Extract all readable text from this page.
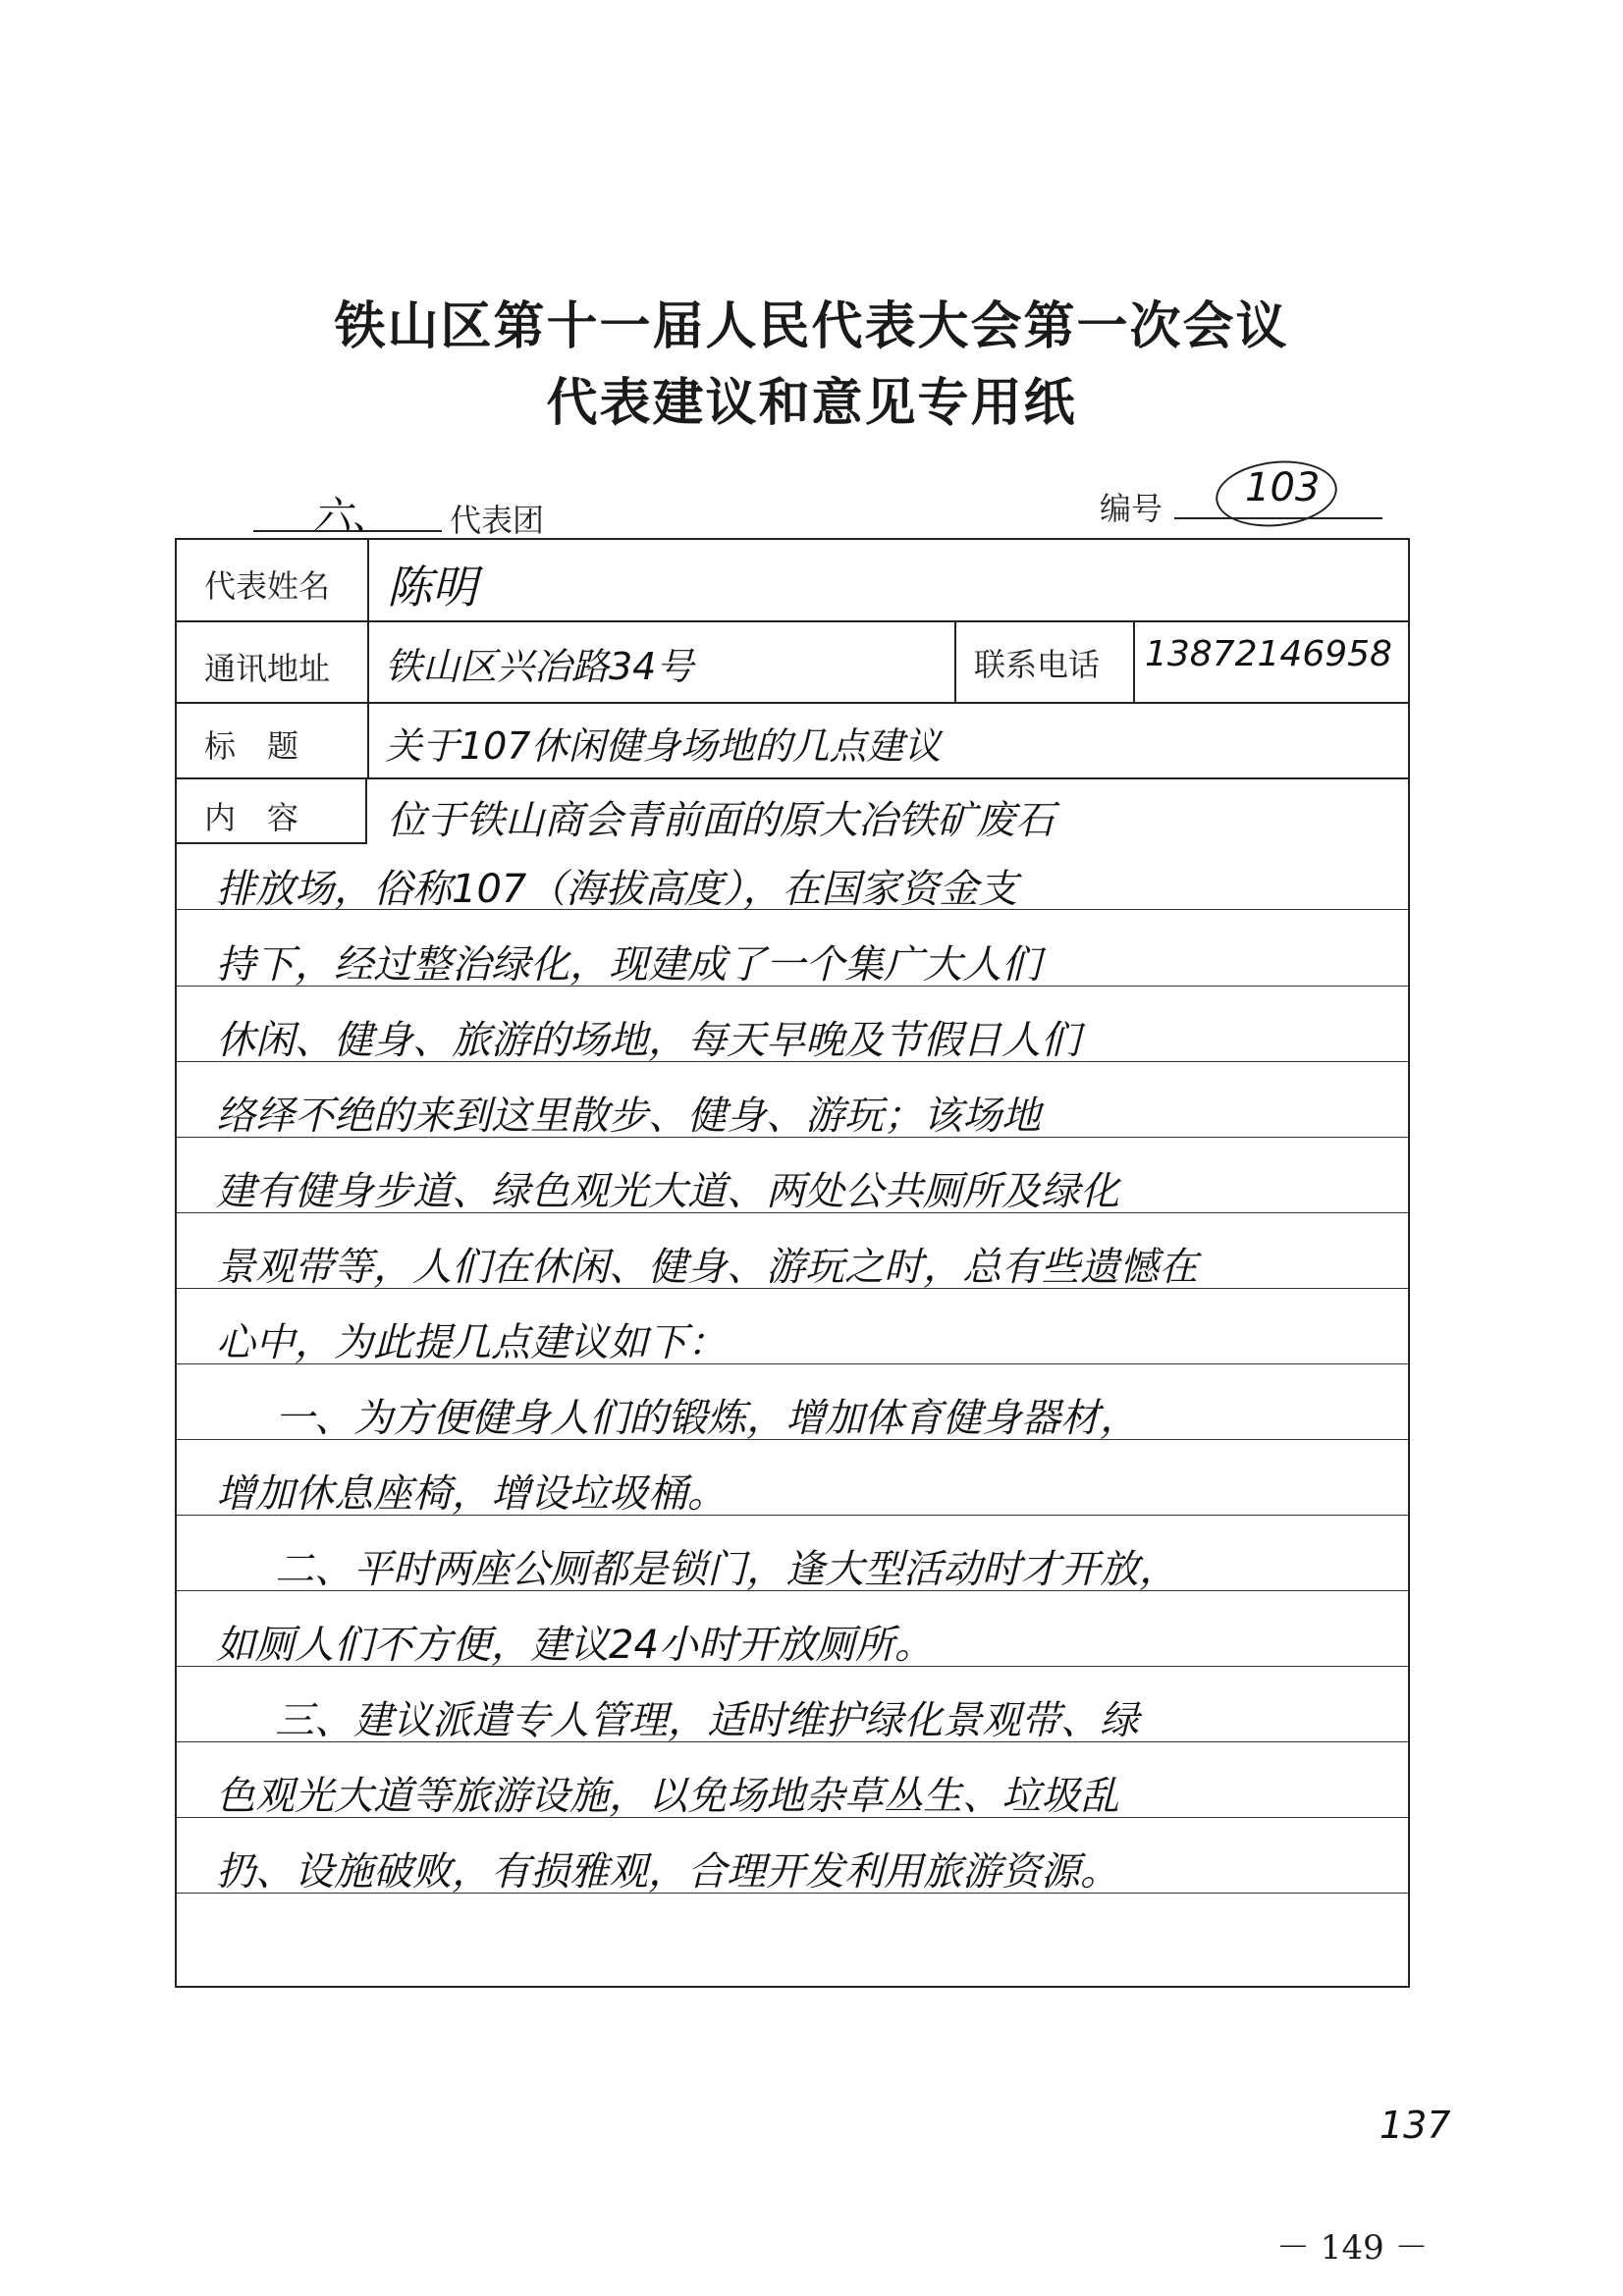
铁山区第十一届人民代表大会第一次会议
代表建议和意见专用纸
六、 代表团	编号 103
代表姓名 陈明
通讯地址 铁山区兴冶路34号	联系电话 13872146958
标　题 关于107休闲健身场地的几点建议
内　容 位于铁山商会青前面的原大冶铁矿废石
排放场，俗称107（海拔高度），在国家资金支
持下，经过整治绿化，现建成了一个集广大人们
休闲、健身、旅游的场地，每天早晚及节假日人们
络绎不绝的来到这里散步、健身、游玩；该场地
建有健身步道、绿色观光大道、两处公共厕所及绿化
景观带等，人们在休闲、健身、游玩之时，总有些遗憾在
心中，为此提几点建议如下：
一、为方便健身人们的锻炼，增加体育健身器材，
增加休息座椅，增设垃圾桶。
二、平时两座公厕都是锁门，逢大型活动时才开放，
如厕人们不方便，建议24小时开放厕所。
三、建议派遣专人管理，适时维护绿化景观带、绿
色观光大道等旅游设施，以免场地杂草丛生、垃圾乱
扔、设施破败，有损雅观，合理开发利用旅游资源。
137
－ 149 －
